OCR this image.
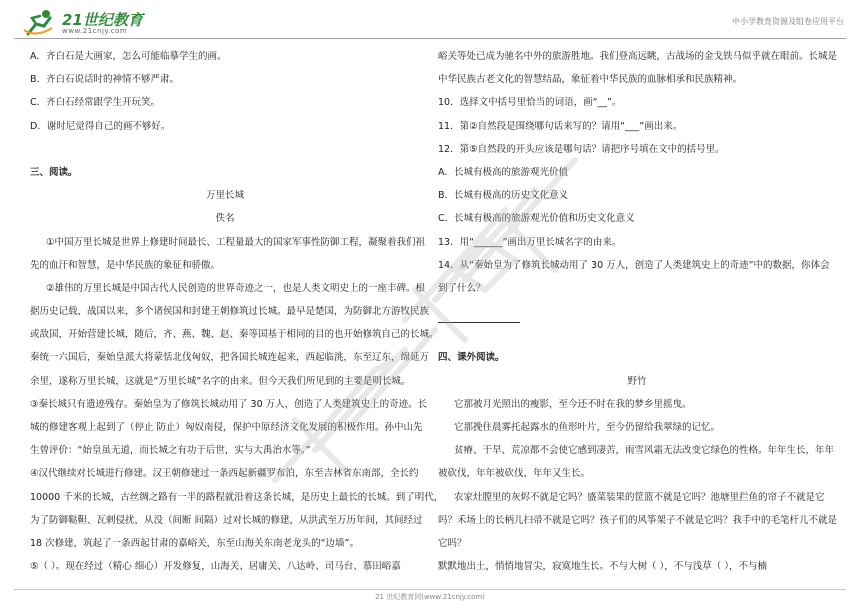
21世纪教育
www.21cnjy.com
中小学教育资源及组卷应用平台
A．齐白石是大画家，怎么可能临摹学生的画。
B．齐白石说话时的神情不够严肃。
C．齐白石经常跟学生开玩笑。
D．谢时尼觉得自己的画不够好。
三、阅读。
万里长城
佚名
①中国万里长城是世界上修建时间最长、工程量最大的国家军事性防御工程，凝聚着我们祖
先的血汗和智慧，是中华民族的象征和骄傲。
②雄伟的万里长城是中国古代人民创造的世界奇迹之一，也是人类文明史上的一座丰碑。根
据历史记载，战国以来，多个诸侯国和封建王朝修筑过长城。最早是楚国，为防御北方游牧民族
或敌国，开始营建长城，随后，齐、燕、魏、赵、秦等国基于相同的目的也开始修筑自己的长城。
秦统一六国后，秦始皇派大将蒙恬北伐匈奴，把各国长城连起来，西起临洮，东至辽东，绵延万
余里，遂称万里长城，这就是“万里长城”名字的由来。但今天我们所见到的主要是明长城。
③秦长城只有遗迹残存。秦始皇为了修筑长城动用了 30 万人，创造了人类建筑史上的奇迹。长
城的修建客观上起到了（停止 防止）匈奴南侵，保护中原经济文化发展的积极作用。孙中山先
生曾评价：“始皇虽无道，而长城之有功于后世，实与大禹治水等。”
④汉代继续对长城进行修建。汉王朝修建过一条西起新疆罗布泊，东至吉林省东南部，全长约
10000 千米的长城，古丝绸之路有一半的路程就沿着这条长城，是历史上最长的长城。到了明代，
为了防御鞑靼、瓦剌侵扰，从没（间断 间隔）过对长城的修建，从洪武至万历年间，其间经过
18 次修建，筑起了一条西起甘肃的嘉峪关，东至山海关东南老龙头的“边墙”。
⑤（ ）。现在经过（精心 细心）开发修复，山海关、居庸关、八达岭、司马台、慕田峪嘉
峪关等处已成为驰名中外的旅游胜地。我们登高远眺，古战场的金戈铁马似乎就在眼前。长城是
中华民族古老文化的智慧结晶，象征着中华民族的血脉相承和民族精神。
10．选择文中括号里恰当的词语，画“__”。
11．第②自然段是围绕哪句话来写的？请用“___”画出来。
12．第⑤自然段的开头应该是哪句话？请把序号填在文中的括号里。
A．长城有极高的旅游观光价值
B．长城有极高的历史文化意义
C．长城有极高的旅游观光价值和历史文化意义
13．用“______”画出万里长城名字的由来。
14．从“秦始皇为了修筑长城动用了 30 万人，创造了人类建筑史上的奇迹”中的数据，你体会
到了什么？
四、课外阅读。
野竹
它那被月光照出的瘦影，至今还不时在我的梦乡里摇曳。
它那挽住晨雾托起露水的鱼形叶片，至今仍留给我翠绿的记忆。
贫瘠、干旱、荒凉都不会使它感到凄苦，雨雪风霜无法改变它绿色的性格。年年生长，年年
被砍伐，年年被砍伐，年年又生长。
农家灶膛里的灰烬不就是它吗？盛菜装果的筐篮不就是它吗？池塘里拦鱼的帘子不就是它
吗？禾场上的长柄儿扫帚不就是它吗？孩子们的风筝架子不就是它吗？我手中的毛笔杆儿不就是
它吗？
默默地出土，悄悄地冒尖，寂寞地生长。不与大树（ ），不与浅草（ ），不与楠
21 世纪教育网(www.21cnjy.com)
